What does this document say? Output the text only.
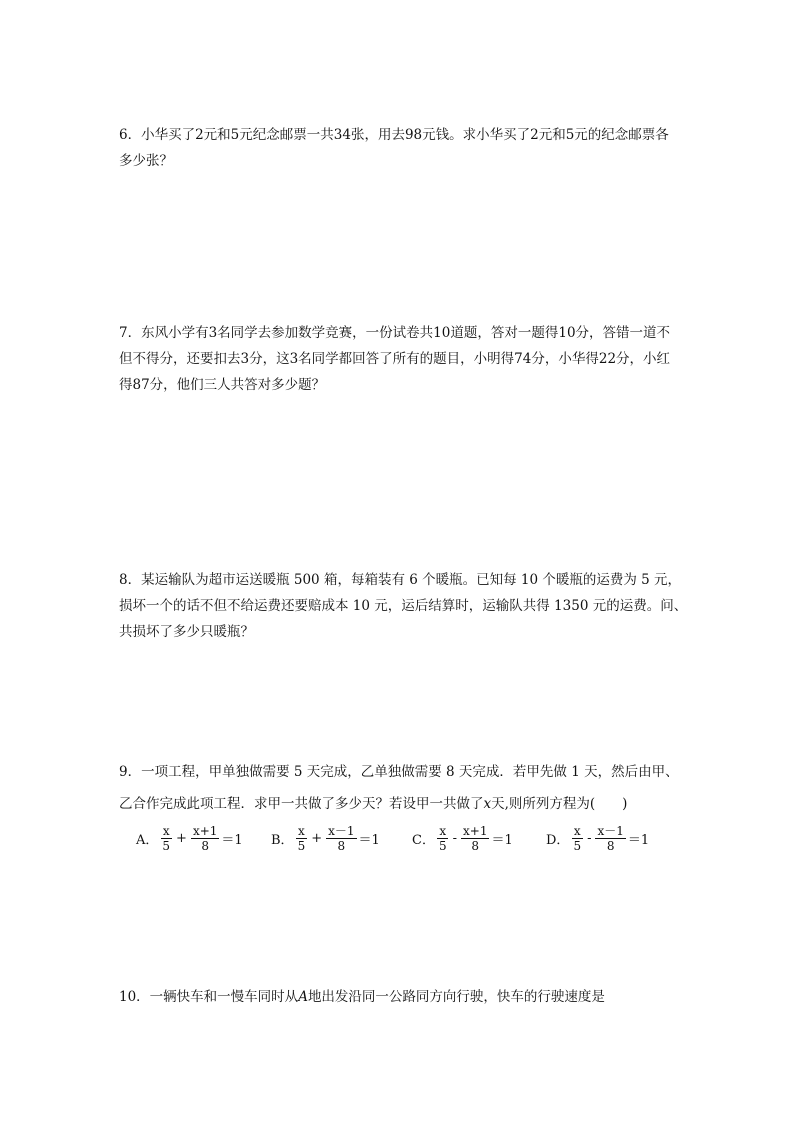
6．小华买了2元和5元纪念邮票一共34张，用去98元钱。求小华买了2元和5元的纪念邮票各
多少张？
7．东风小学有3名同学去参加数学竞赛，一份试卷共10道题，答对一题得10分，答错一道不
但不得分，还要扣去3分，这3名同学都回答了所有的题目，小明得74分，小华得22分，小红
得87分，他们三人共答对多少题？
8．某运输队为超市运送暖瓶 500 箱，每箱装有 6 个暖瓶。已知每 10 个暖瓶的运费为 5 元，
损坏一个的话不但不给运费还要赔成本 10 元，运后结算时，运输队共得 1350 元的运费。问、
共损坏了多少只暖瓶？
9．一项工程，甲单独做需要 5 天完成，乙单独做需要 8 天完成．若甲先做 1 天，然后由甲、
乙合作完成此项工程．求甲一共做了多少天？若设甲一共做了x天,则所列方程为(　　)
A． $\frac{x}{5} + \frac{x+1}{8} =1$ B． $\frac{x}{5} + \frac{x-1}{8} =1$ C． $\frac{x}{5} - \frac{x+1}{8} =1$	D． $\frac{x}{5} - \frac{x-1}{8} =1$
10．一辆快车和一慢车同时从A地出发沿同一公路同方向行驶，快车的行驶速度是
